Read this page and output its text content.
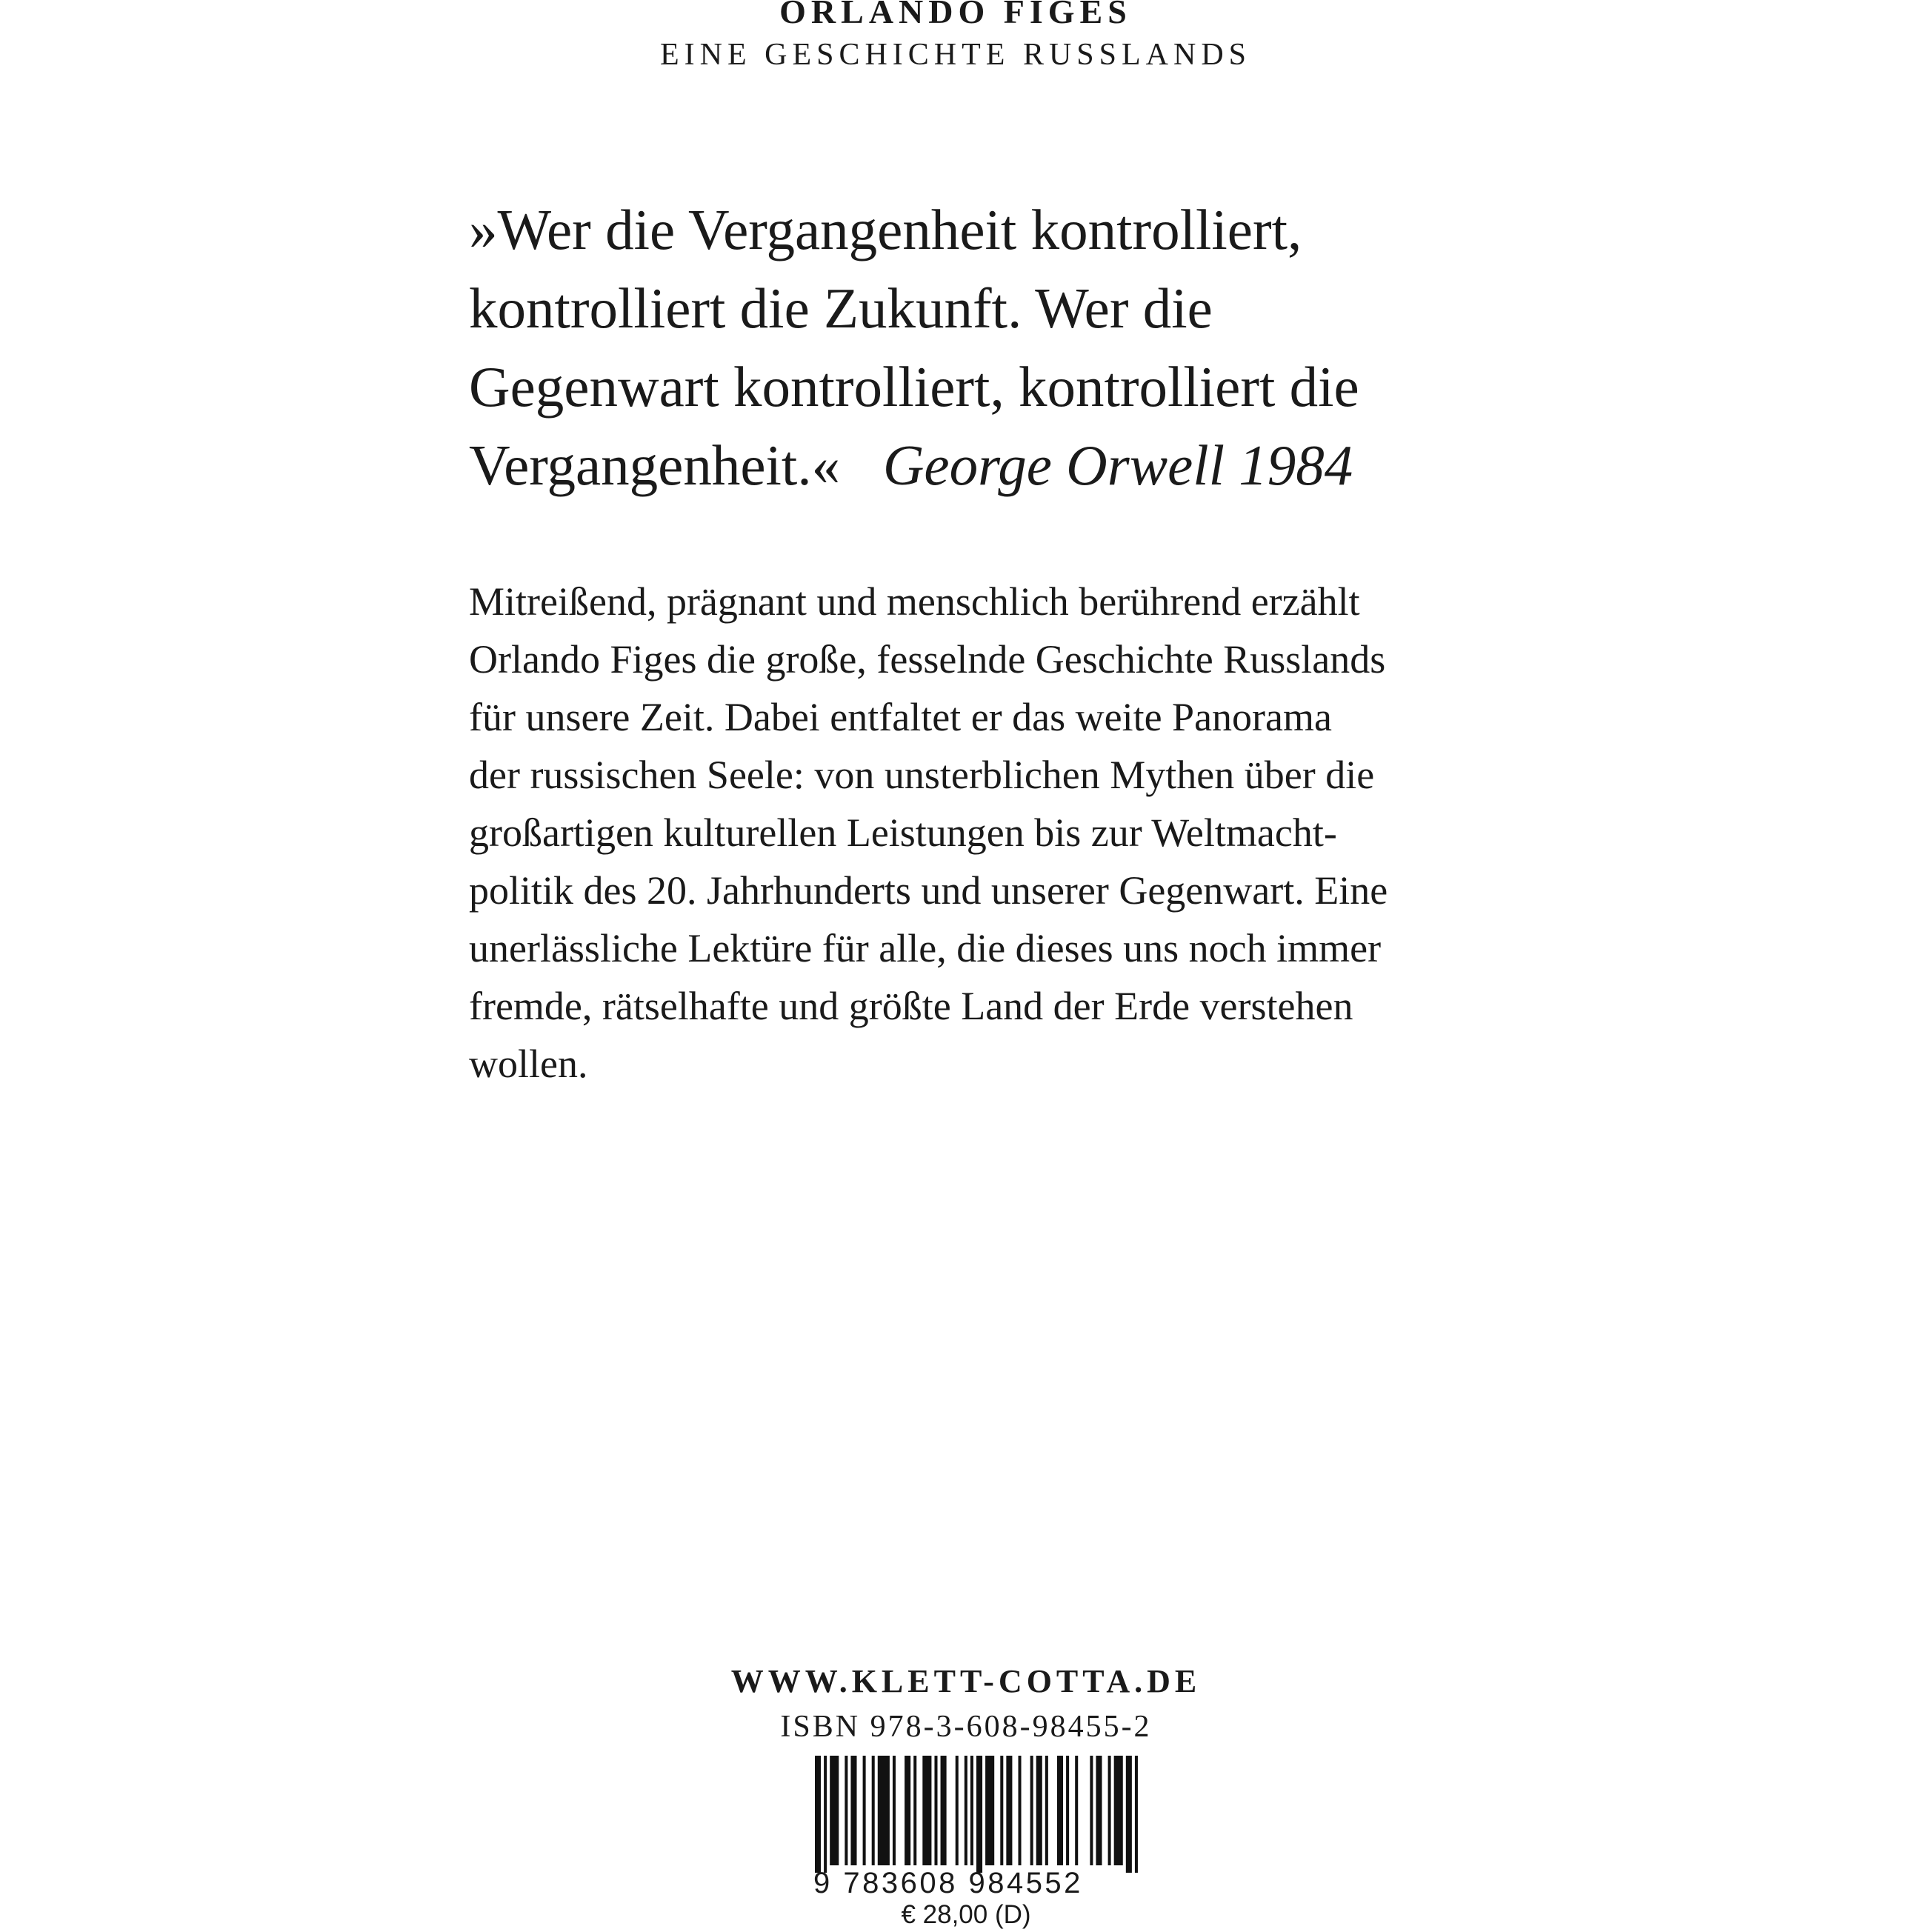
ORLANDO FIGES
EINE GESCHICHTE RUSSLANDS

»Wer die Vergangenheit kontrolliert,
kontrolliert die Zukunft. Wer die
Gegenwart kontrolliert, kontrolliert die
Vergangenheit.« George Orwell 1984

Mitreißend, prägnant und menschlich berührend erzählt
Orlando Figes die große, fesselnde Geschichte Russlands
für unsere Zeit. Dabei entfaltet er das weite Panorama
der russischen Seele: von unsterblichen Mythen über die
großartigen kulturellen Leistungen bis zur Weltmacht-
politik des 20. Jahrhunderts und unserer Gegenwart. Eine
unerlässliche Lektüre für alle, die dieses uns noch immer
fremde, rätselhafte und größte Land der Erde verstehen
wollen.
WWW.KLETT-COTTA.DE
ISBN 978-3-608-98455-2
9 783608 984552
€ 28,00 (D)
